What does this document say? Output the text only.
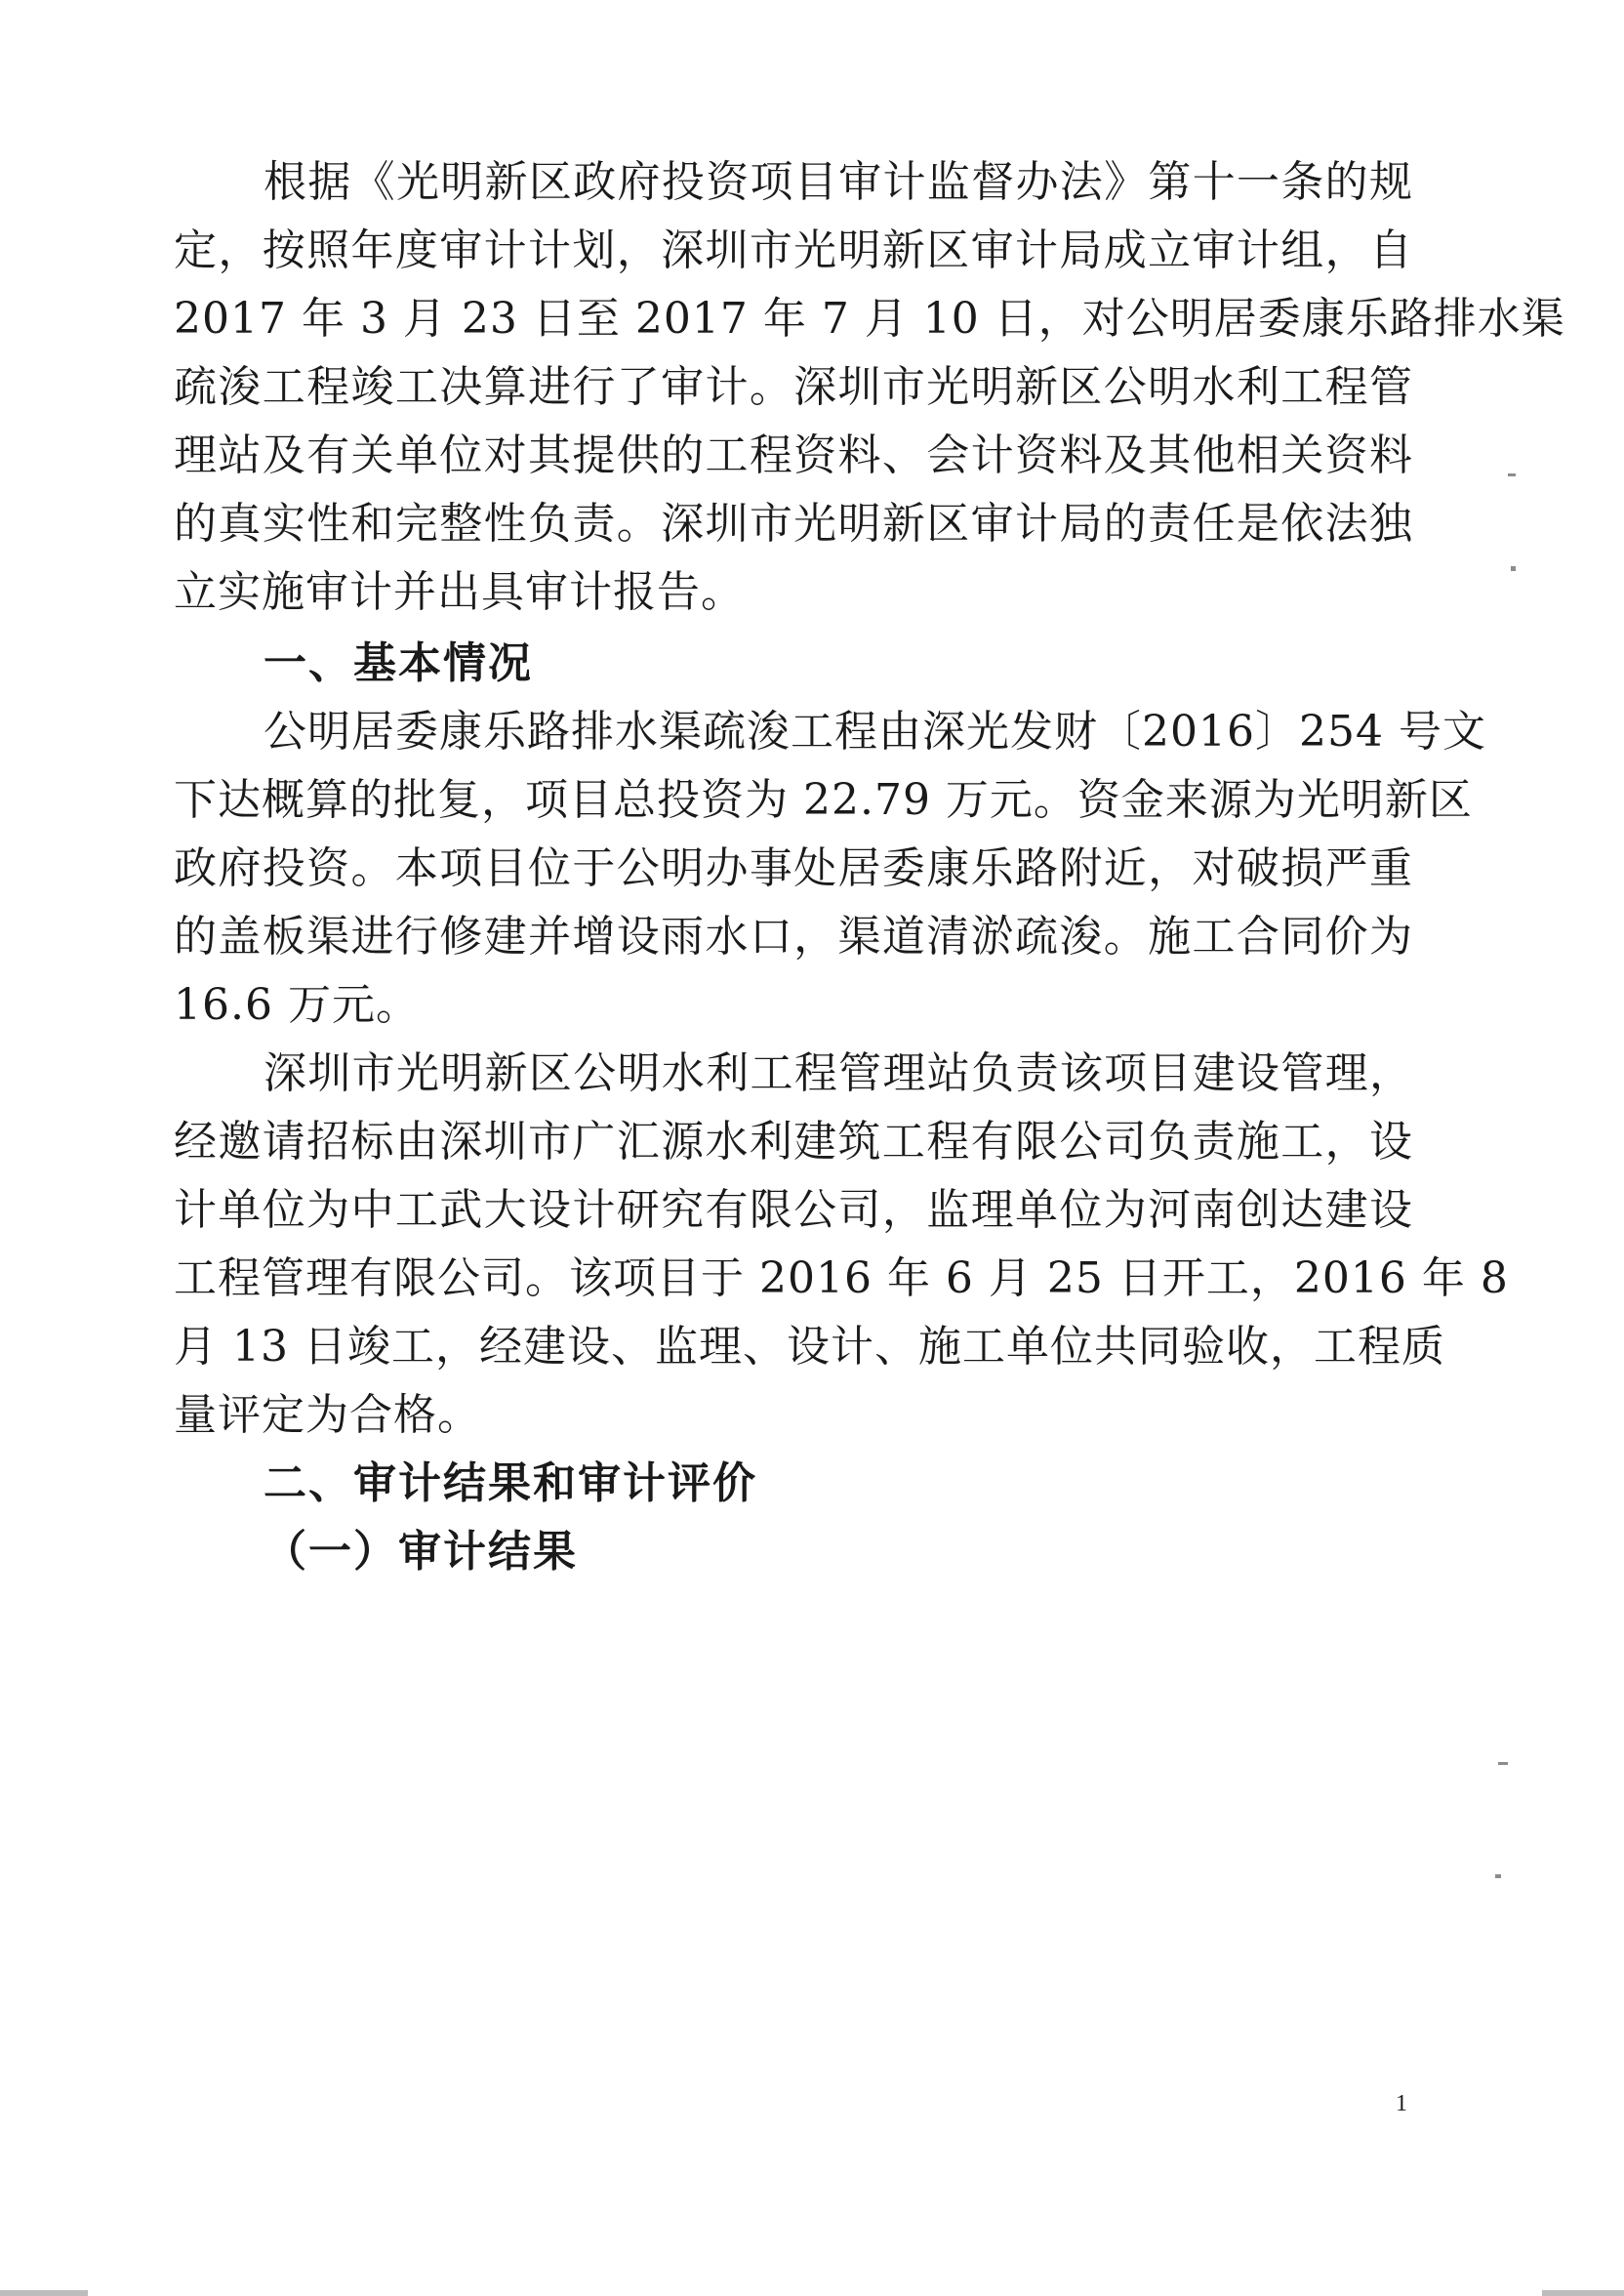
根据《光明新区政府投资项目审计监督办法》第十一条的规
定，按照年度审计计划，深圳市光明新区审计局成立审计组，自
2017 年 3 月 23 日至 2017 年 7 月 10 日，对公明居委康乐路排水渠
疏浚工程竣工决算进行了审计。深圳市光明新区公明水利工程管
理站及有关单位对其提供的工程资料、会计资料及其他相关资料
的真实性和完整性负责。深圳市光明新区审计局的责任是依法独
立实施审计并出具审计报告。
一、基本情况
公明居委康乐路排水渠疏浚工程由深光发财〔2016〕254 号文
下达概算的批复，项目总投资为 22.79 万元。资金来源为光明新区
政府投资。本项目位于公明办事处居委康乐路附近，对破损严重
的盖板渠进行修建并增设雨水口，渠道清淤疏浚。施工合同价为
16.6 万元。
深圳市光明新区公明水利工程管理站负责该项目建设管理，
经邀请招标由深圳市广汇源水利建筑工程有限公司负责施工，设
计单位为中工武大设计研究有限公司，监理单位为河南创达建设
工程管理有限公司。该项目于 2016 年 6 月 25 日开工，2016 年 8
月 13 日竣工，经建设、监理、设计、施工单位共同验收，工程质
量评定为合格。
二、审计结果和审计评价
（一）审计结果
1
